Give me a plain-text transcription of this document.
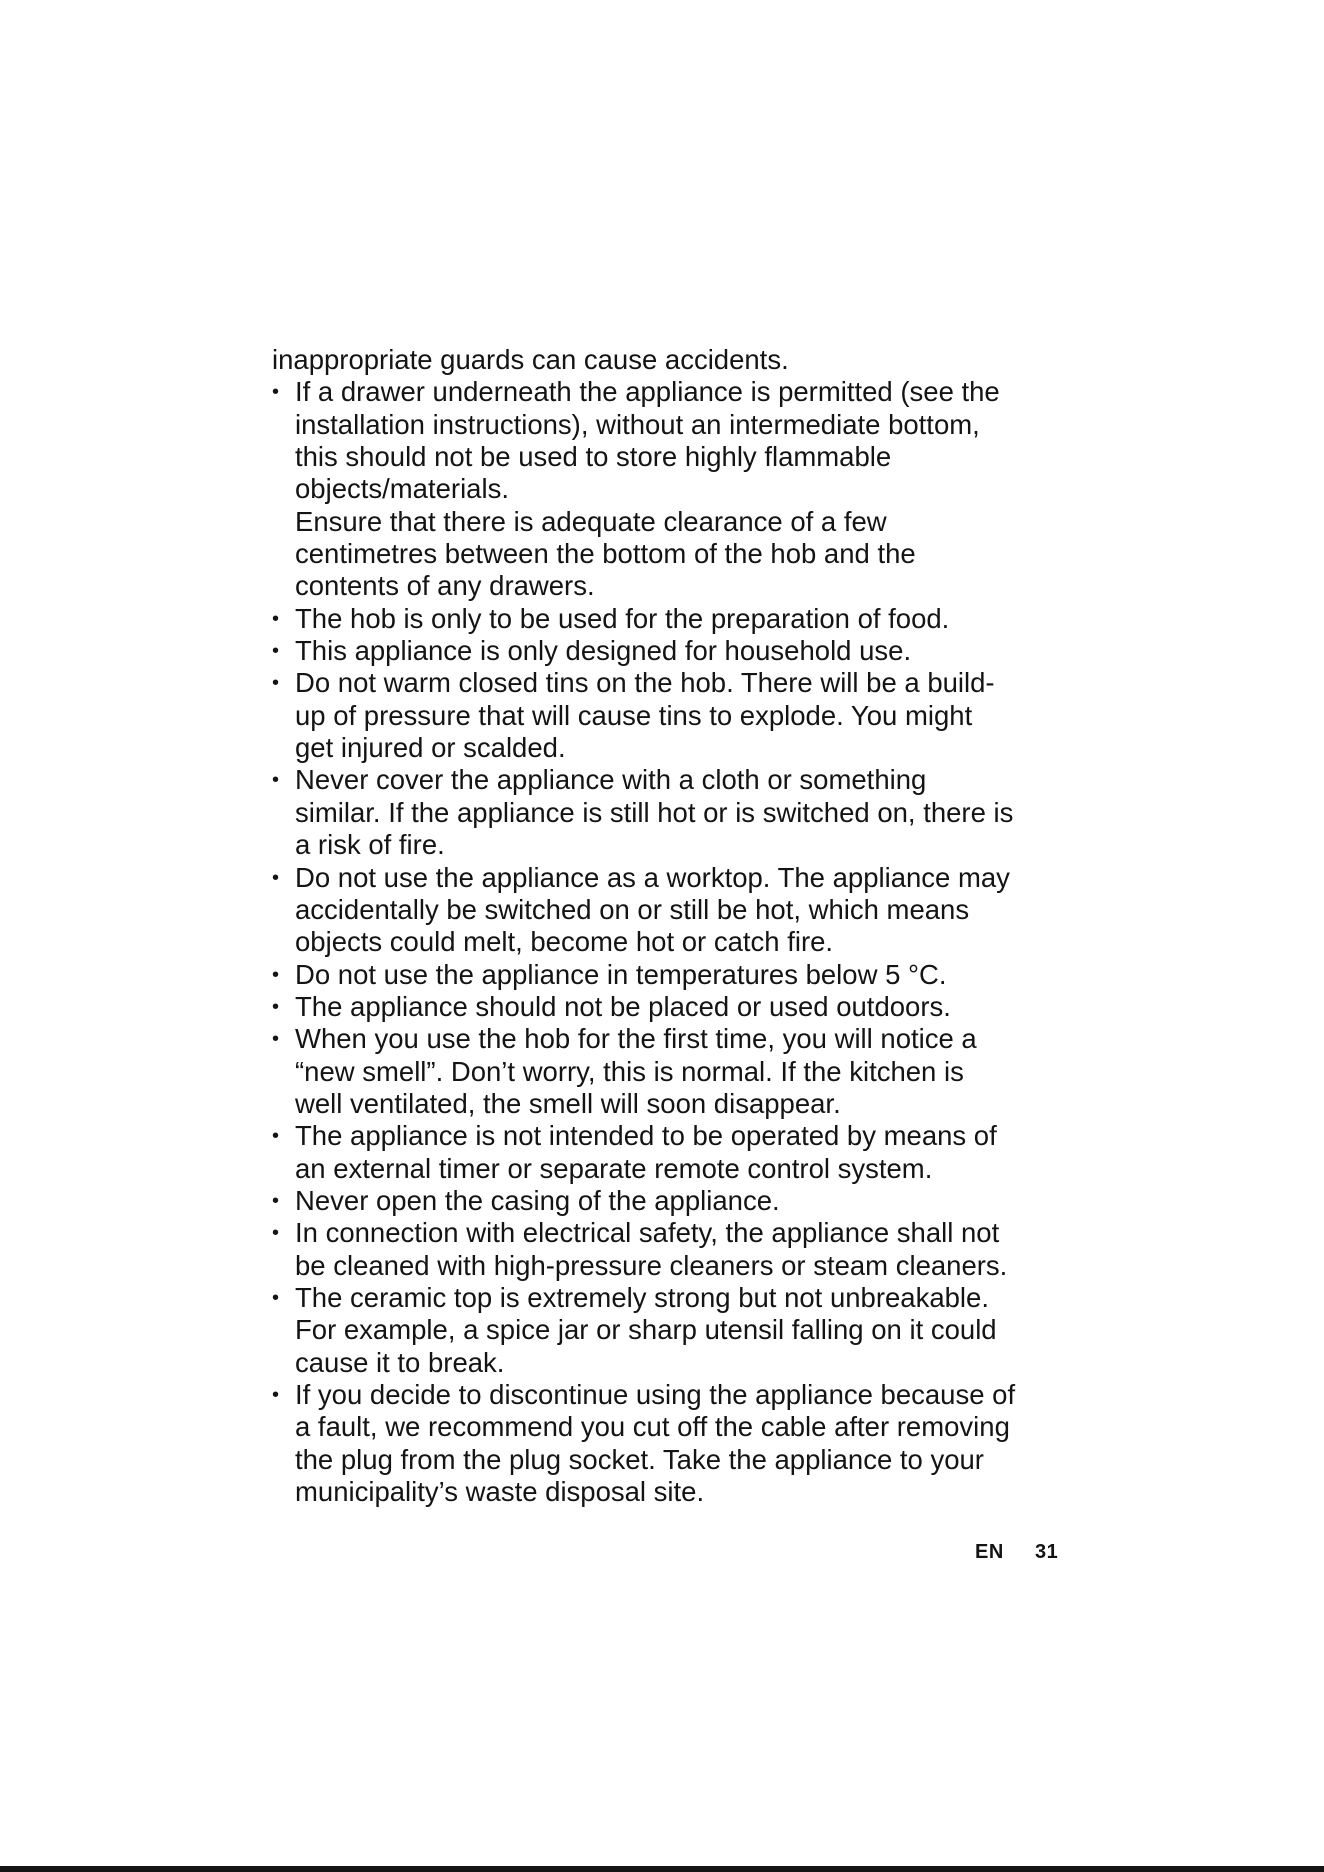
inappropriate guards can cause accidents.
• If a drawer underneath the appliance is permitted (see the
installation instructions), without an intermediate bottom,
this should not be used to store highly flammable
objects/materials.
Ensure that there is adequate clearance of a few
centimetres between the bottom of the hob and the
contents of any drawers.
• The hob is only to be used for the preparation of food.
• This appliance is only designed for household use.
• Do not warm closed tins on the hob. There will be a build-
up of pressure that will cause tins to explode. You might
get injured or scalded.
• Never cover the appliance with a cloth or something
similar. If the appliance is still hot or is switched on, there is
a risk of fire.
• Do not use the appliance as a worktop. The appliance may
accidentally be switched on or still be hot, which means
objects could melt, become hot or catch fire.
• Do not use the appliance in temperatures below 5 °C.
• The appliance should not be placed or used outdoors.
• When you use the hob for the first time, you will notice a
“new smell”. Don’t worry, this is normal. If the kitchen is
well ventilated, the smell will soon disappear.
• The appliance is not intended to be operated by means of
an external timer or separate remote control system.
• Never open the casing of the appliance.
• In connection with electrical safety, the appliance shall not
be cleaned with high-pressure cleaners or steam cleaners.
• The ceramic top is extremely strong but not unbreakable.
For example, a spice jar or sharp utensil falling on it could
cause it to break.
• If you decide to discontinue using the appliance because of
a fault, we recommend you cut off the cable after removing
the plug from the plug socket. Take the appliance to your
municipality’s waste disposal site.
EN 31
